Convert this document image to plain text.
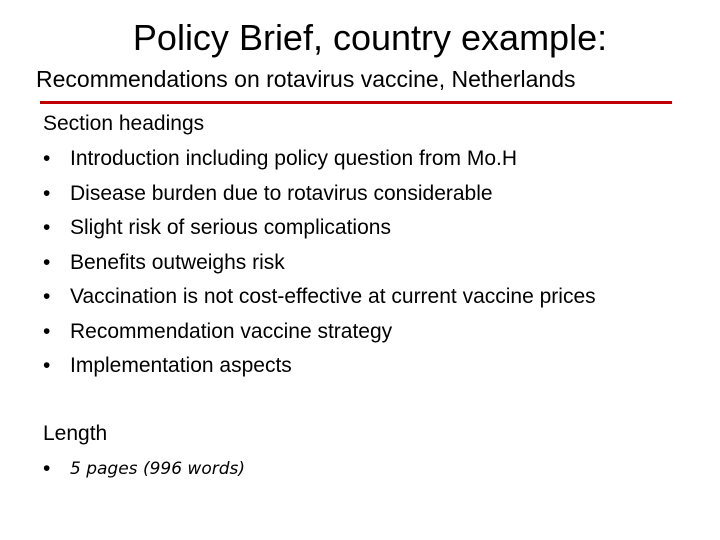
Policy Brief, country example:
Recommendations on rotavirus vaccine, Netherlands
Section headings
• Introduction including policy question from Mo.H
• Disease burden due to rotavirus considerable
• Slight risk of serious complications
• Benefits outweighs risk
• Vaccination is not cost-effective at current vaccine prices
• Recommendation vaccine strategy
• Implementation aspects
Length
• 5 pages (996 words)
